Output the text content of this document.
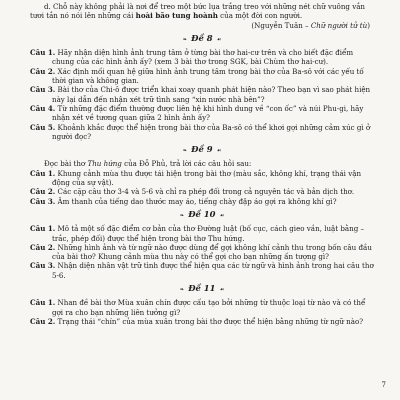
d. Chỗ này không phải là nơi để treo một bức lụa trắng treo với những nét chữ vuông vắn tươi tắn nó nói lên những cái hoài bão tung hoành của một đời con người.

(Nguyễn Tuân – Chữ người tử tù)

❧ Đề 8 ☙

Câu 1. Hãy nhận diện hình ảnh trung tâm ở từng bài thơ hai-cư trên và cho biết đặc điểm chung của các hình ảnh ấy? (xem 3 bài thơ trong SGK, bài Chùm thơ hai-cư).

Câu 2. Xác định mối quan hệ giữa hình ảnh trung tâm trong bài thơ của Ba-sô với các yếu tố thời gian và không gian.

Câu 3. Bài thơ của Chi-ô được triển khai xoay quanh phát hiện nào? Theo bạn vì sao phát hiện này lại dẫn đến nhận xét trữ tình sang “xin nước nhà bên”?

Câu 4. Từ những đặc điểm thường được liên hệ khi hình dung về “con ốc” và núi Phu-gi, hãy nhận xét về tương quan giữa 2 hình ảnh ấy?

Câu 5. Khoảnh khắc được thể hiện trong bài thơ của Ba-sô có thể khơi gợi những cảm xúc gì ở người đọc?

❧ Đề 9 ☙

Đọc bài thơ Thu hứng của Đỗ Phủ, trả lời các câu hỏi sau:

Câu 1. Khung cảnh mùa thu được tái hiện trong bài thơ (màu sắc, không khí, trạng thái vận động của sự vật).

Câu 2. Các cặp câu thơ 3-4 và 5-6 và chỉ ra phép đối trong cả nguyên tác và bản dịch thơ.

Câu 3. Âm thanh của tiếng dao thước may áo, tiếng chày đập áo gợi ra không khí gì?

❧ Đề 10 ☙

Câu 1. Mô tả một số đặc điểm cơ bản của thơ Đường luật (bố cục, cách gieo vần, luật bằng – trắc, phép đối) được thể hiện trong bài thơ Thu hứng.

Câu 2. Những hình ảnh và từ ngữ nào được dùng để gợi không khí cảnh thu trong bốn câu đầu của bài thơ? Khung cảnh mùa thu này có thể gợi cho bạn những ấn tượng gì?

Câu 3. Nhận diện nhân vật trữ tình được thể hiện qua các từ ngữ và hình ảnh trong hai câu thơ 5-6.

❧ Đề 11 ☙

Câu 1. Nhan đề bài thơ Mùa xuân chín được cấu tạo bởi những từ thuộc loại từ nào và có thể gợi ra cho bạn những liên tưởng gì?

Câu 2. Trạng thái “chín” của mùa xuân trong bài thơ được thể hiện bằng những từ ngữ nào?

7
